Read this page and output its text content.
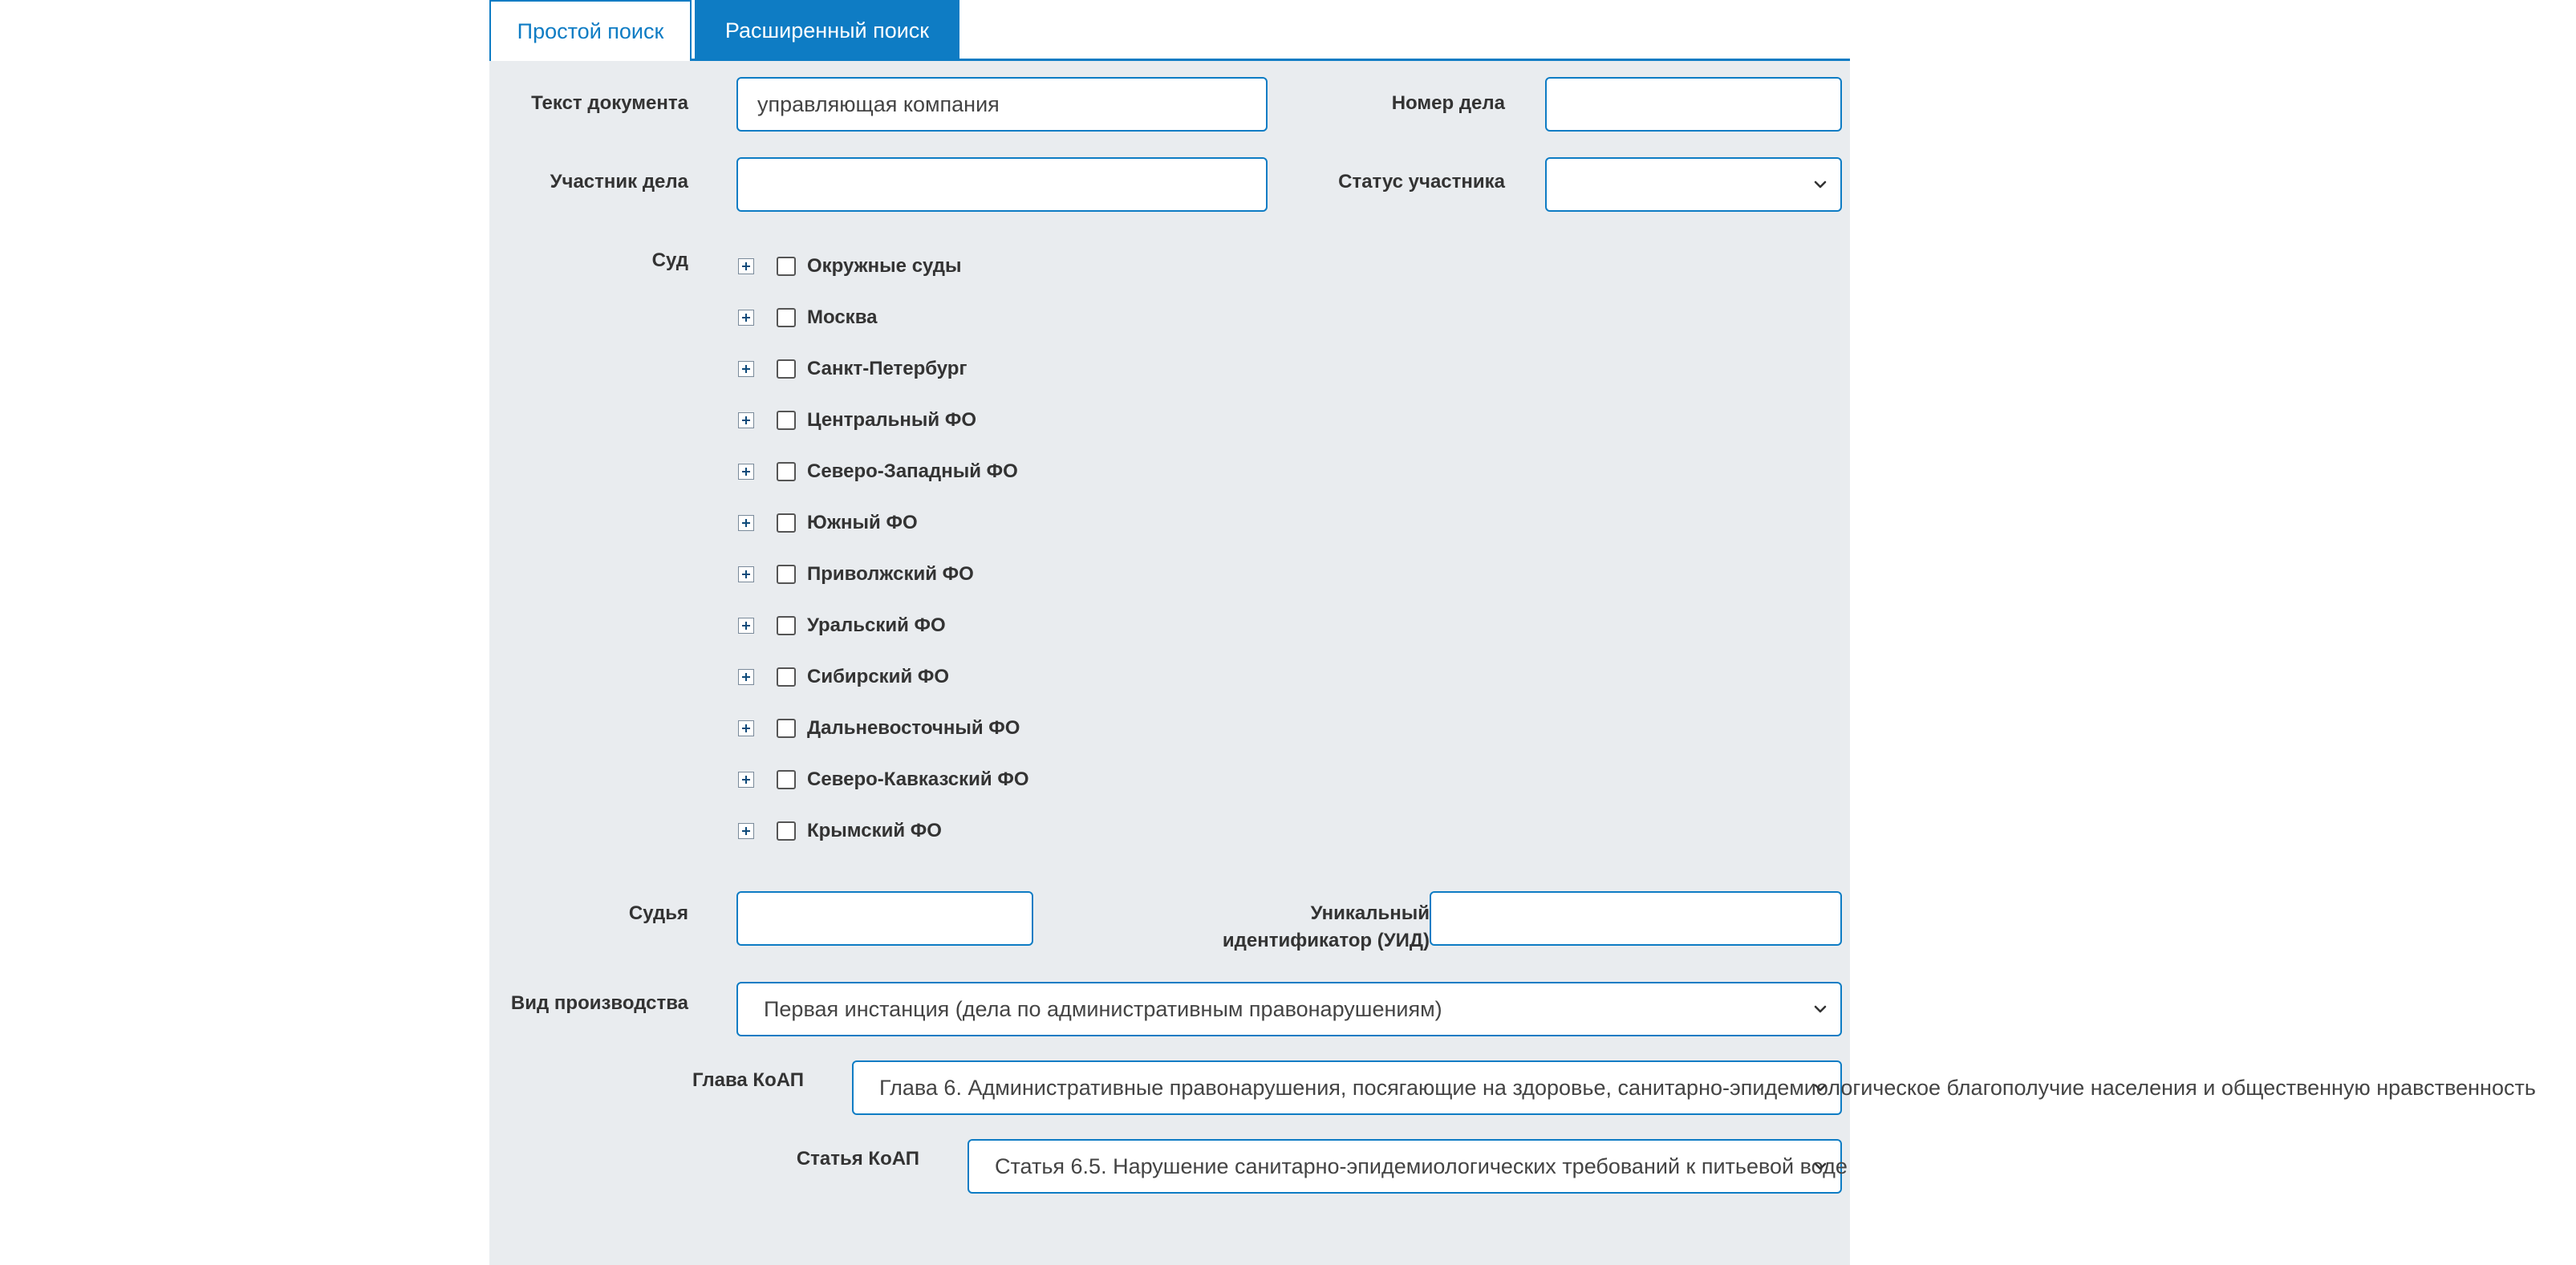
Простой поиск	Расширенный поиск
Текст документа	управляющая компания	Номер дела
Участник дела	Статус участника
Суд	Окружные суды
Москва
Санкт-Петербург
Центральный ФО
Северо-Западный ФО
Южный ФО
Приволжский ФО
Уральский ФО
Сибирский ФО
Дальневосточный ФО
Северо-Кавказский ФО
Крымский ФО
Судья	Уникальный
идентификатор (УИД)
Вид производства	Первая инстанция (дела по административным правонарушениям)
Глава КоАП	Глава 6. Административные правонарушения, посягающие на здоровье, санитарно-эпидемиологическое благополучие населения и общественную нравственность
Статья КоАП	Статья 6.5. Нарушение санитарно-эпидемиологических требований к питьевой воде
